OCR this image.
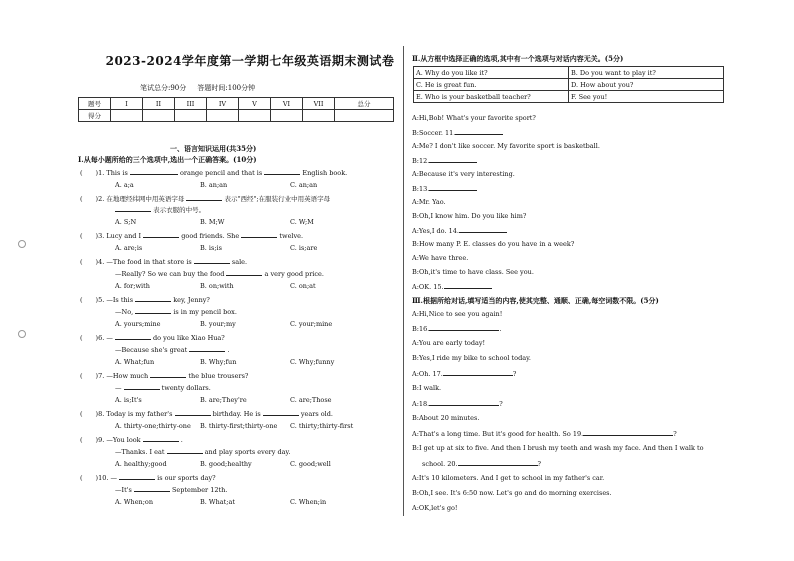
2023-2024学年度第一学期七年级英语期末测试卷
笔试总分:90分 答题时间:100分钟
题号	I	II	III	IV	V	VI	VII	总分
得分								
一、语言知识运用(共35分)
Ⅰ.从每小题所给的三个选项中,选出一个正确答案。(10分)
(　　)1. This is	orange pencil and that is	English book.
A. a;a	B. an;an	C. an;an
(　　)2. 在地理经纬网中用英语字母	表示"西经";在服装行业中用英语字母
表示衣服的中号。
A. S;N	B. M;W	C. W;M
(　　)3. Lucy and I	good friends. She	twelve.
A. are;is	B. is;is	C. is;are
(　　)4. —The food in that store is	sale.
—Really? So we can buy the food	a very good price.
A. for;with	B. on;with	C. on;at
(　　)5. —Is this	key, Jenny?
—No,	is in my pencil box.
A. yours;mine	B. your;my	C. your;mine
(　　)6. —	do you like Xiao Hua?
—Because she's great	.
A. What;fun	B. Why;fun	C. Why;funny
(　　)7. —How much	the blue trousers?
—	twenty dollars.
A. is;It's	B. are;They're	C. are;Those
(　　)8. Today is my father's	birthday. He is	years old.
A. thirty-one;thirty-one B. thirty-first;thirty-one C. thirty;thirty-first
(　　)9. —You look	.
—Thanks. I eat	and play sports every day.
A. healthy;good	B. good;healthy	C. good;well
(　　)10. —	is our sports day?
—It's	September 12th.
A. When;on	B. What;at	C. When;in
Ⅱ.从方框中选择正确的选项,其中有一个选项与对话内容无关。(5分)
A. Why do you like it?	B. Do you want to play it?
C. He is great fun.	D. How about you?
E. Who is your basketball teacher?	F. See you!
A:Hi,Bob! What's your favorite sport?
B:Soccer. 11.
A:Me? I don't like soccer. My favorite sport is basketball.
B:12.
A:Because it's very interesting.
B:13.
A:Mr. Yao.
B:Oh,I know him. Do you like him?
A:Yes,I do. 14.
B:How many P. E. classes do you have in a week?
A:We have three.
B:Oh,it's time to have class. See you.
A:OK. 15.
Ⅲ.根据所给对话,填写适当的内容,使其完整、通顺、正确,每空词数不限。(5分)
A:Hi,Nice to see you again!
B:16.	.
A:You are early today!
B:Yes,I ride my bike to school today.
A:Oh. 17.	?
B:I walk.
A:18.	?
B:About 20 minutes.
A:That's a long time. But it's good for health. So 19.	?
B:I get up at six to five. And then I brush my teeth and wash my face. And then I walk to
school. 20.	?
A:It's 10 kilometers. And I get to school in my father's car.
B:Oh,I see. It's 6:50 now. Let's go and do morning exercises.
A:OK,let's go!
